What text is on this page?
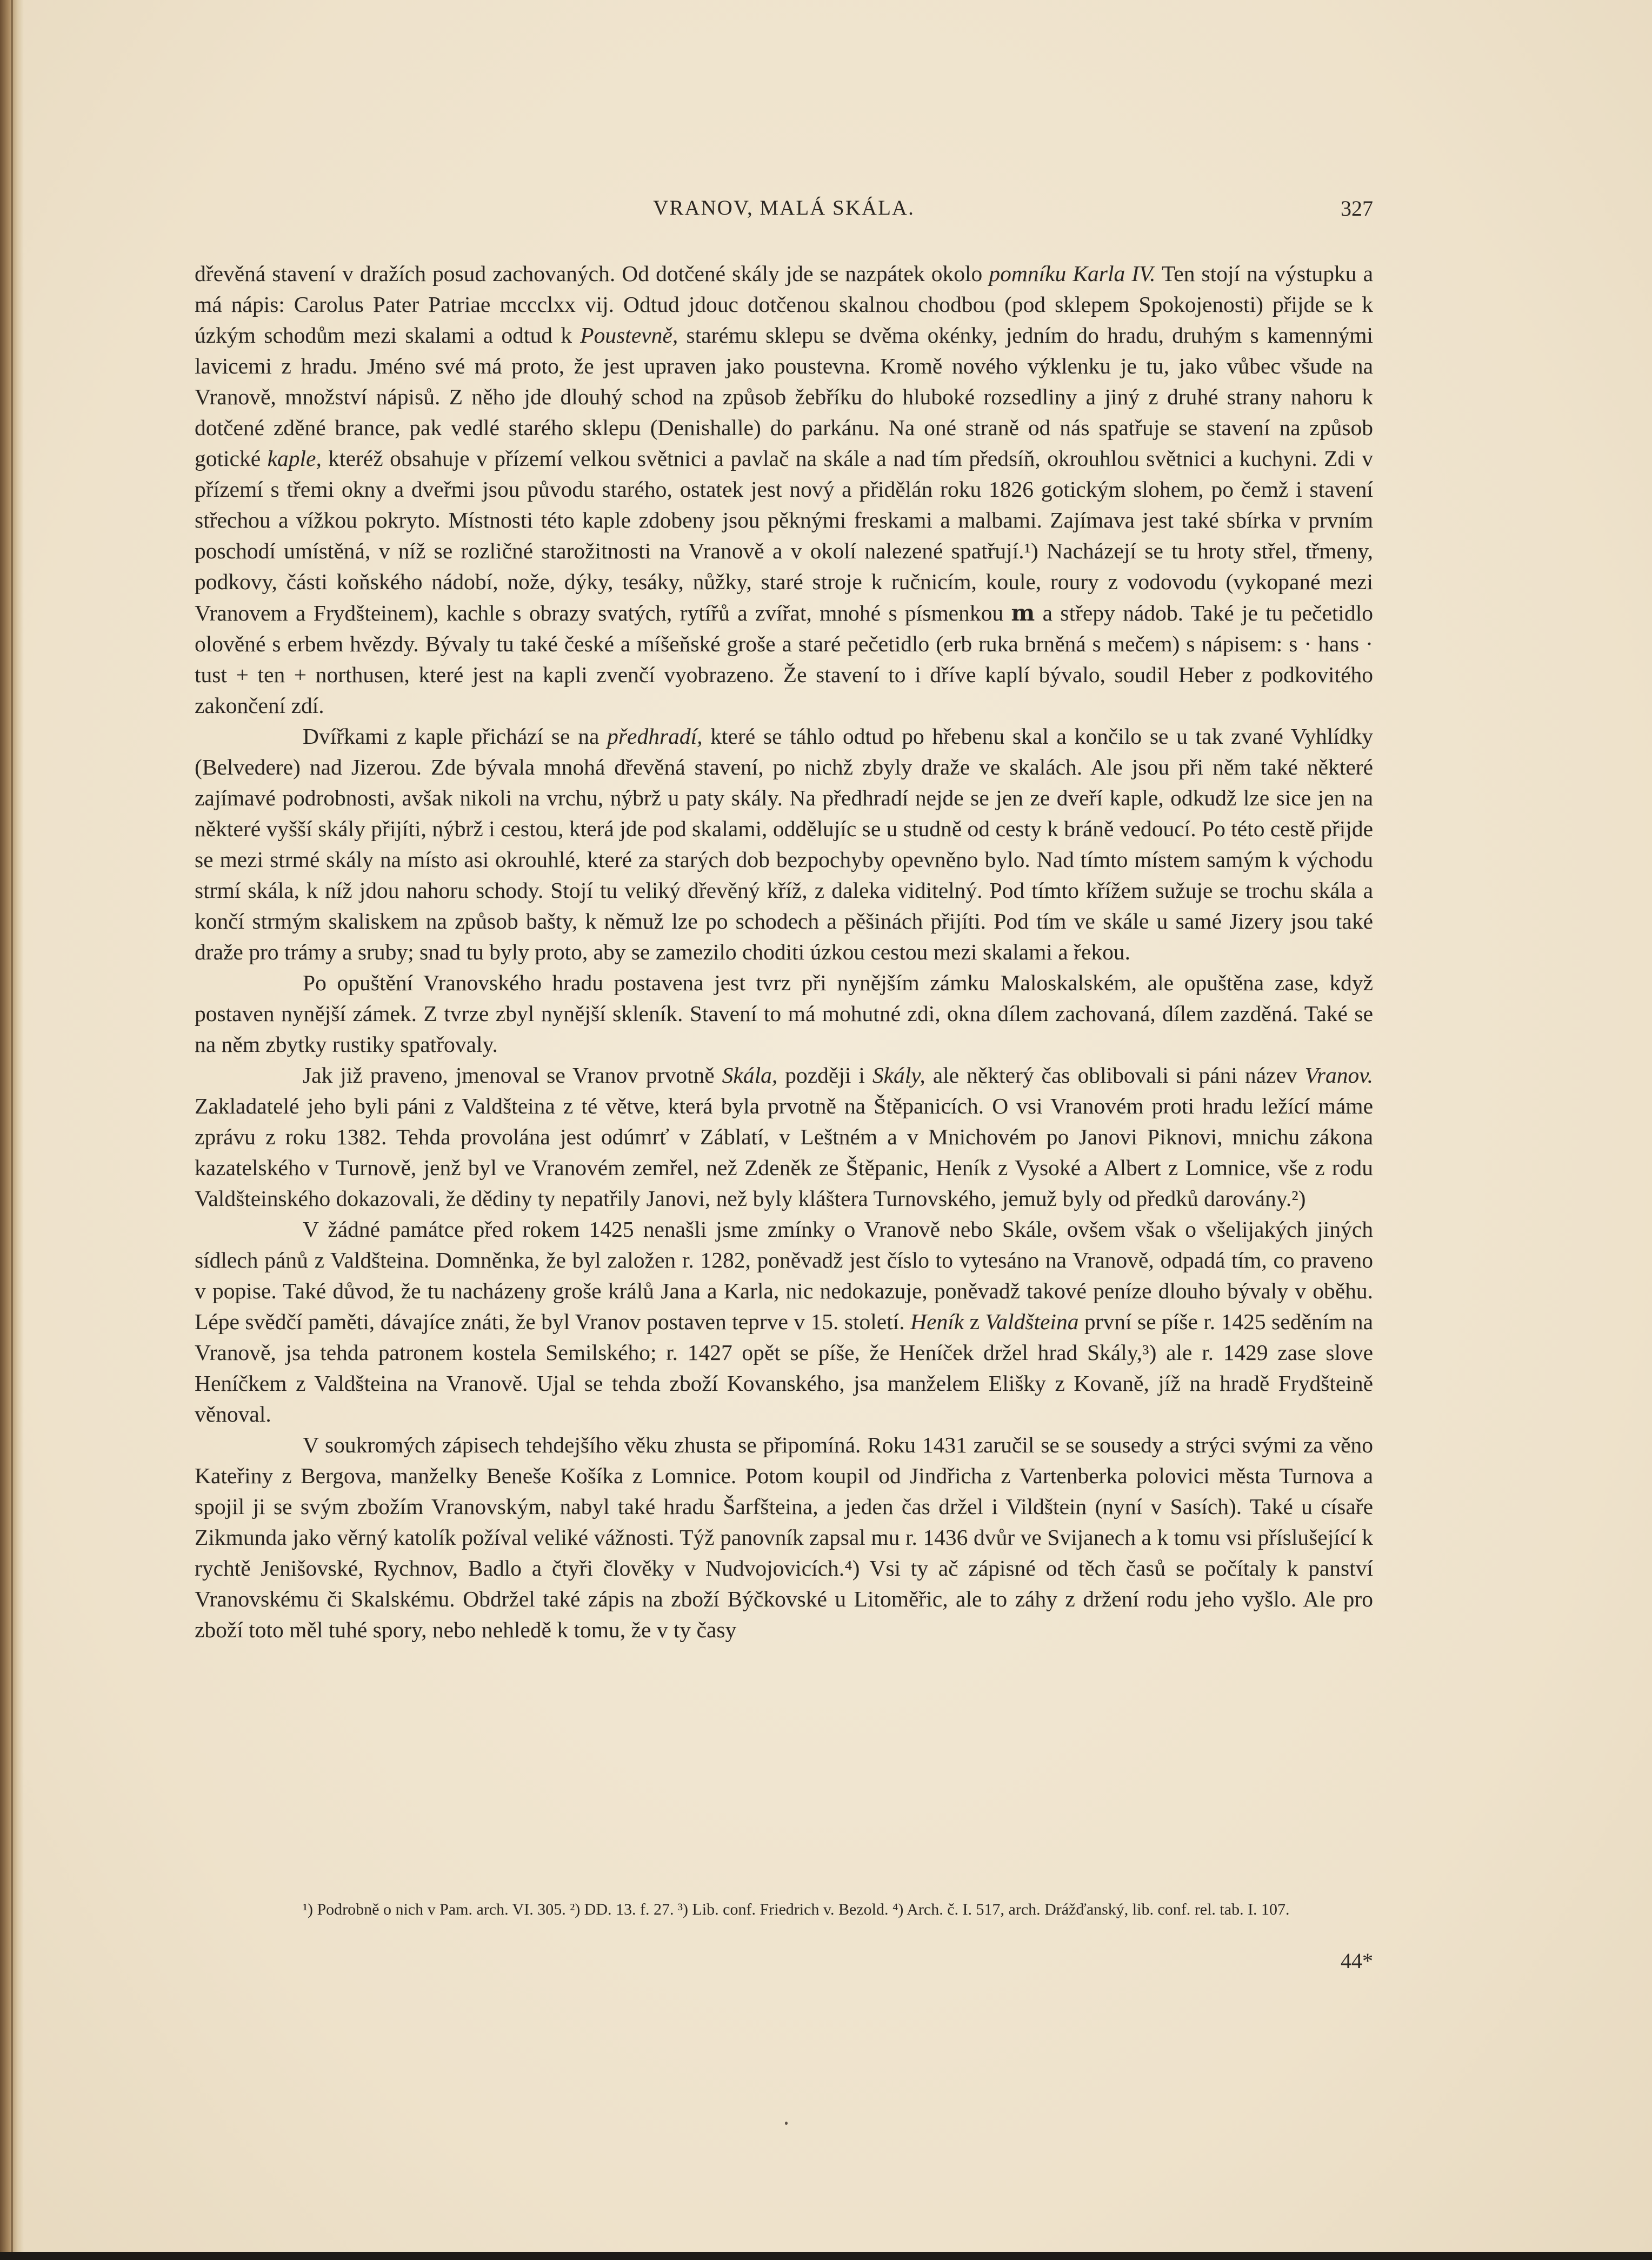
VRANOV, MALÁ SKÁLA.	327

dřevěná stavení v dražích posud zachovaných. Od dotčené skály jde se nazpátek okolo pomníku Karla IV. Ten stojí na výstupku a má nápis: Carolus Pater Patriae mccclxx vij. Odtud jdouc dotčenou skalnou chodbou (pod sklepem Spokojenosti) přijde se k úzkým schodům mezi skalami a odtud k Poustevně, starému sklepu se dvěma okénky, jedním do hradu, druhým s kamennými lavicemi z hradu. Jméno své má proto, že jest upraven jako poustevna. Kromě nového výklenku je tu, jako vůbec všude na Vranově, množství nápisů. Z něho jde dlouhý schod na způsob žebříku do hluboké rozsedliny a jiný z druhé strany nahoru k dotčené zděné brance, pak vedlé starého sklepu (Denishalle) do parkánu. Na oné straně od nás spatřuje se stavení na způsob gotické kaple, kteréž obsahuje v přízemí velkou světnici a pavlač na skále a nad tím předsíň, okrouhlou světnici a kuchyni. Zdi v přízemí s třemi okny a dveřmi jsou původu starého, ostatek jest nový a přidělán roku 1826 gotickým slohem, po čemž i stavení střechou a vížkou pokryto. Místnosti této kaple zdobeny jsou pěknými freskami a malbami. Zajímava jest také sbírka v prvním poschodí umístěná, v níž se rozličné starožitnosti na Vranově a v okolí nalezené spatřují.¹) Nacházejí se tu hroty střel, třmeny, podkovy, části koňského nádobí, nože, dýky, tesáky, nůžky, staré stroje k ručnicím, koule, roury z vodovodu (vykopané mezi Vranovem a Frydšteinem), kachle s obrazy svatých, rytířů a zvířat, mnohé s písmenkou m a střepy nádob. Také je tu pečetidlo olověné s erbem hvězdy. Bývaly tu také české a míšeňské groše a staré pečetidlo (erb ruka brněná s mečem) s nápisem: s · hans · tust + ten + northusen, které jest na kapli zvenčí vyobrazeno. Že stavení to i dříve kaplí bývalo, soudil Heber z podkovitého zakončení zdí.

Dvířkami z kaple přichází se na předhradí, které se táhlo odtud po hřebenu skal a končilo se u tak zvané Vyhlídky (Belvedere) nad Jizerou. Zde bývala mnohá dřevěná stavení, po nichž zbyly draže ve skalách. Ale jsou při něm také některé zajímavé podrobnosti, avšak nikoli na vrchu, nýbrž u paty skály. Na předhradí nejde se jen ze dveří kaple, odkudž lze sice jen na některé vyšší skály přijíti, nýbrž i cestou, která jde pod skalami, oddělujíc se u studně od cesty k bráně vedoucí. Po této cestě přijde se mezi strmé skály na místo asi okrouhlé, které za starých dob bezpochyby opevněno bylo. Nad tímto místem samým k východu strmí skála, k níž jdou nahoru schody. Stojí tu veliký dřevěný kříž, z daleka viditelný. Pod tímto křížem sužuje se trochu skála a končí strmým skaliskem na způsob bašty, k němuž lze po schodech a pěšinách přijíti. Pod tím ve skále u samé Jizery jsou také draže pro trámy a sruby; snad tu byly proto, aby se zamezilo choditi úzkou cestou mezi skalami a řekou.

Po opuštění Vranovského hradu postavena jest tvrz při nynějším zámku Maloskalském, ale opuštěna zase, když postaven nynější zámek. Z tvrze zbyl nynější skleník. Stavení to má mohutné zdi, okna dílem zachovaná, dílem zazděná. Také se na něm zbytky rustiky spatřovaly.

Jak již praveno, jmenoval se Vranov prvotně Skála, později i Skály, ale některý čas oblibovali si páni název Vranov. Zakladatelé jeho byli páni z Valdšteina z té větve, která byla prvotně na Štěpanicích. O vsi Vranovém proti hradu ležící máme zprávu z roku 1382. Tehda provolána jest odúmrť v Záblatí, v Leštném a v Mnichovém po Janovi Piknovi, mnichu zákona kazatelského v Turnově, jenž byl ve Vranovém zemřel, než Zdeněk ze Štěpanic, Heník z Vysoké a Albert z Lomnice, vše z rodu Valdšteinského dokazovali, že dědiny ty nepatřily Janovi, než byly kláštera Turnovského, jemuž byly od předků darovány.²)

V žádné památce před rokem 1425 nenašli jsme zmínky o Vranově nebo Skále, ovšem však o všelijakých jiných sídlech pánů z Valdšteina. Domněnka, že byl založen r. 1282, poněvadž jest číslo to vytesáno na Vranově, odpadá tím, co praveno v popise. Také důvod, že tu nacházeny groše králů Jana a Karla, nic nedokazuje, poněvadž takové peníze dlouho bývaly v oběhu. Lépe svědčí paměti, dávajíce znáti, že byl Vranov postaven teprve v 15. století. Heník z Valdšteina první se píše r. 1425 seděním na Vranově, jsa tehda patronem kostela Semilského; r. 1427 opět se píše, že Heníček držel hrad Skály,³) ale r. 1429 zase slove Heníčkem z Valdšteina na Vranově. Ujal se tehda zboží Kovanského, jsa manželem Elišky z Kovaně, jíž na hradě Frydšteině věnoval.

V soukromých zápisech tehdejšího věku zhusta se připomíná. Roku 1431 zaručil se se sousedy a strýci svými za věno Kateřiny z Bergova, manželky Beneše Košíka z Lomnice. Potom koupil od Jindřicha z Vartenberka polovici města Turnova a spojil ji se svým zbožím Vranovským, nabyl také hradu Šarfšteina, a jeden čas držel i Vildštein (nyní v Sasích). Také u císaře Zikmunda jako věrný katolík požíval veliké vážnosti. Týž panovník zapsal mu r. 1436 dvůr ve Svijanech a k tomu vsi příslušející k rychtě Jenišovské, Rychnov, Badlo a čtyři člověky v Nudvojovicích.⁴) Vsi ty ač zápisné od těch časů se počítaly k panství Vranovskému či Skalskému. Obdržel také zápis na zboží Býčkovské u Litoměřic, ale to záhy z držení rodu jeho vyšlo. Ale pro zboží toto měl tuhé spory, nebo nehledě k tomu, že v ty časy

¹) Podrobně o nich v Pam. arch. VI. 305. ²) DD. 13. f. 27. ³) Lib. conf. Friedrich v. Bezold. ⁴) Arch. č. I. 517, arch. Drážďanský, lib. conf. rel. tab. I. 107.
44*
